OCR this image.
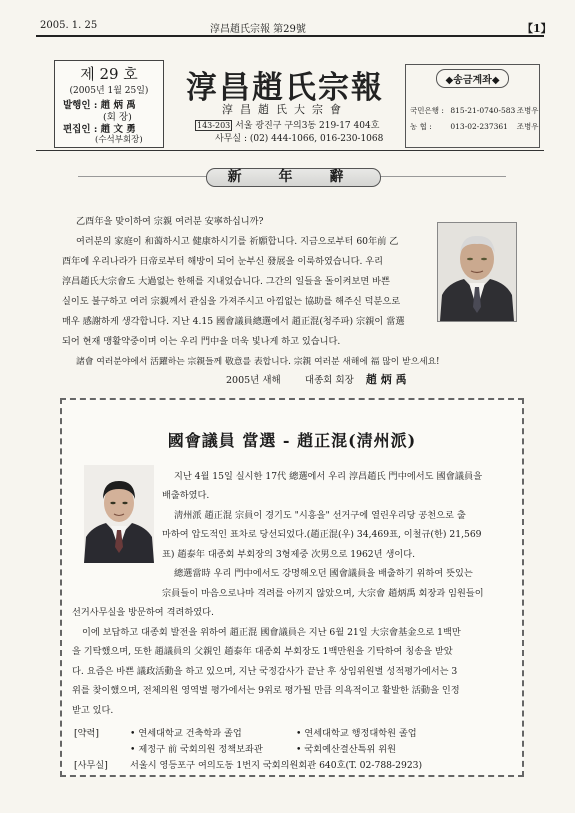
2005. 1. 25	淳昌趙氏宗報 第29號	【1】
제 29 호
(2005년 1월 25일)
발행인 : 趙 炳 禹
(회 장)
편집인 : 趙 文 勇
(수석부회장)
淳昌趙氏宗報
淳昌趙氏大宗會
143-203 서울 광진구 구의3동 219-17 404호
사무실 : (02) 444-1066, 016-230-1068
◆송금계좌◆
국민은행 : 815-21-0740-583 조병우
농 협 : 013-02-237361 조병우
新 年 辭
乙酉年을 맞이하여 宗親 여러분 安寧하십니까?
여러분의 家庭이 和蔼하시고 健康하시기를 祈願합니다. 지금으로부터 60年前 乙
酉年에 우리나라가 日帝로부터 해방이 되어 눈부신 發展을 이룩하였습니다. 우리
淳昌趙氏大宗會도 大過없는 한해를 지내었습니다. 그간의 일들을 돌이켜보면 바쁜
실이도 불구하고 여러 宗親께서 관심을 가져주시고 아낌없는 協助를 해주신 덕분으로
매우 感謝하게 생각합니다. 지난 4.15 國會議員總選에서 趙正混(청주파) 宗親이 當選
되어 현재 맹활약중이며 이는 우리 門中을 더욱 빛나게 하고 있습니다.
諸會 여러분야에서 活躍하는 宗親들께 敬意를 表합니다. 宗親 여러분 새해에 福 많이 받으세요!
2005년 새해	대종회 회장 趙 炳 禹
國會議員 當選 - 趙正混(淸州派)
지난 4월 15일 실시한 17代 總選에서 우리 淳昌趙氏 門中에서도 國會議員을
배출하였다.
淸州派 趙正混 宗員이 경기도 "시흥을" 선거구에 열린우리당 공천으로 출
마하여 압도적인 표차로 당선되었다.(趙正混(우) 34,469표, 이철규(한) 21,569
표) 趙泰年 대종회 부회장의 3형제중 次男으로 1962년 생이다.
總選當時 우리 門中에서도 강명해오던 國會議員을 배출하기 위하여 뜻있는
宗員들이 마음으로나마 격려를 아끼지 않았으며, 大宗會 趙炳禹 회장과 임원들이
선거사무실을 방문하여 격려하였다.
이에 보답하고 대종회 발전을 위하여 趙正混 國會議員은 지난 6월 21일 大宗會基金으로 1백만
을 기탁했으며, 또한 趙議員의 父親인 趙泰年 대종회 부회장도 1백만원을 기탁하여 칭송을 받았
다. 요즘은 바쁜 議政活動을 하고 있으며, 지난 국정감사가 끝난 후 상임위원별 성적평가에서는 3
위를 찾이했으며, 전체의원 영역별 평가에서는 9위로 평가될 만큼 의욕적이고 활발한 活動을 인정
받고 있다.
[약력]	• 연세대학교 건축학과 졸업	• 연세대학교 행정대학원 졸업
• 제정구 前 국회의원 정책보좌관	• 국회예산결산특위 위원
[사무실] 서울시 영등포구 여의도동 1번지 국회의원회관 640호(T. 02-788-2923)
